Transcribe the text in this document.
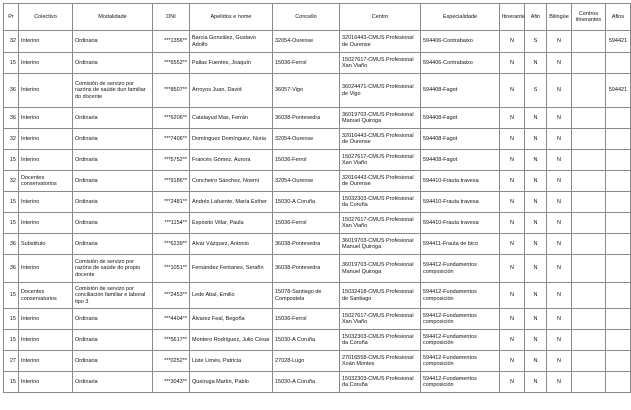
Pr	Colectivo	Modalidade	DNI	Apelidos e nome	Concello	Centro	Especialidade	Itinerante	Afin	Bilingüe	Centros itinerantes	Afins
32	Interino	Ordinaria	***1356**	Barcia González, Gustavo Adolfo	32054-Ourense	32016443-CMUS Profesional de Ourense	594406-Contrabaixo	N	S	N		594421
15	Interino	Ordinaria	***6552**	Pallas Fuentes, Joaquín	15036-Ferrol	15027617-CMUS Profesional Xan Viaño	594406-Contrabaixo	N	N	N		
36	Interino	Comisión de servizo por razóns de saúde dun familiar do docente	***8507**	Arroyos Juan, David	36057-Vigo	36024471-CMUS Profesional de Vigo	594408-Fagot	N	S	N		594421
36	Interino	Ordinaria	***6206**	Catalayud Mas, Ferrán	36038-Pontevedra	36019703-CMUS Profesional Manuel Quiroga	594408-Fagot	N	N	N		
32	Interino	Ordinaria	***7406**	Domínguez Domínguez, Nuria	32054-Ourense	32016443-CMUS Profesional de Ourense	594408-Fagot	N	N	N		
15	Interino	Ordinaria	***5752**	Francés Gómez, Aurora	15036-Ferrol	15027617-CMUS Profesional Xan Viaño	594408-Fagot	N	N	N		
32	Docentes conservatorios	Ordinaria	***9186**	Concheiro Sánchez, Noemí	32054-Ourense	32016443-CMUS Profesional de Ourense	594410-Frauta travesa	N	N	N		
15	Interino	Ordinaria	***2481**	Andrés Lafuente, María Esther	15030-A Coruña	15032303-CMUS Profesional da Coruña	594410-Frauta travesa	N	N	N		
15	Interino	Ordinaria	***1154**	Expósito Villar, Paula	15036-Ferrol	15027617-CMUS Profesional Xan Viaño	594410-Frauta travesa	N	N	N		
36	Substituto	Ordinaria	***6239**	Alvar Vázquez, Antonio	36038-Pontevedra	36019703-CMUS Profesional Manuel Quiroga	594411-Frauta de bico	N	N	N		
36	Interino	Comisión de servizo por razóns de saúde do propio docente	***1051**	Fernández Fentanes, Serafín	36038-Pontevedra	36019703-CMUS Profesional Manuel Quiroga	594412-Fundamentos composición	N	N	N		
15	Docentes conservatorios	Comisión de servizo por conciliación familiar e laboral tipo 3	***2453**	Lede Abal, Emilio	15078-Santiago de Compostela	15032418-CMUS Profesional de Santiago	594412-Fundamentos composición	N	N	N		
15	Interino	Ordinaria	***4404**	Álvarez Feal, Begoña	15036-Ferrol	15027617-CMUS Profesional Xan Viaño	594412-Fundamentos composición	N	N	N		
15	Interino	Ordinaria	***5617**	Montero Rodríguez, Julio César	15030-A Coruña	15032303-CMUS Profesional da Coruña	594412-Fundamentos composición	N	N	N		
27	Interino	Ordinaria	***0252**	Liste Limés, Patricia	27028-Lugo	27016558-CMUS Profesional Xoán Montes	594412-Fundamentos composición	N	N	N		
15	Interino	Ordinaria	***3043**	Queiruga Martín, Pablo	15030-A Coruña	15032303-CMUS Profesional da Coruña	594412-Fundamentos composición	N	N	N		
